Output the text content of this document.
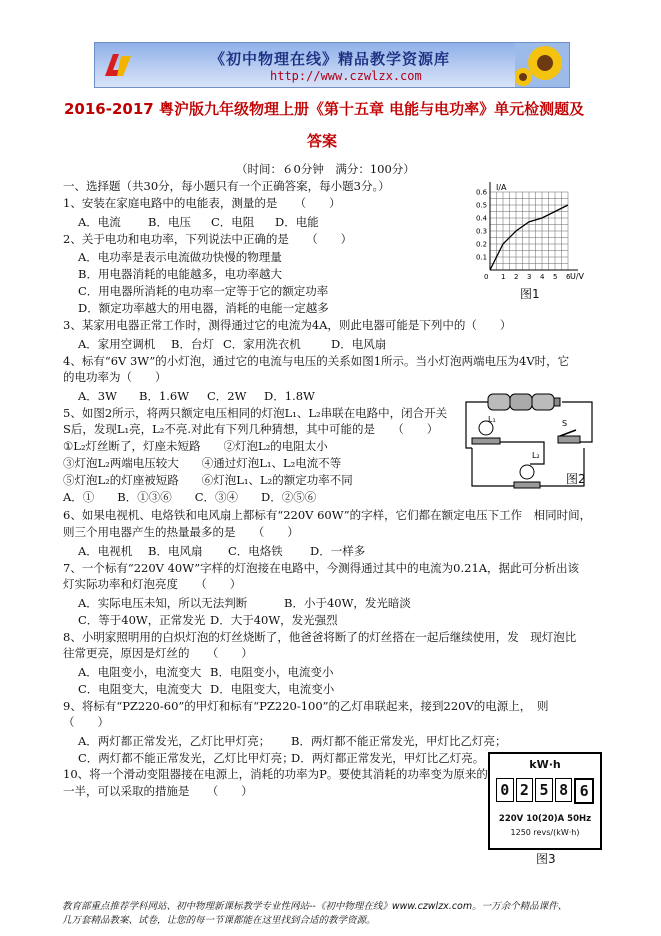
《初中物理在线》精品教学资源库
http://www.czwlzx.com
2016-2017 粤沪版九年级物理上册《第十五章 电能与电功率》单元检测题及
答案
（时间：６0分钟　满分：100分）
一、选择题（共30分，每小题只有一个正确答案，每小题3分。）
1、安装在家庭电路中的电能表，测量的是　　（　　）
A．电流 B．电压 C．电阻 D．电能
2、关于电功和电功率，下列说法中正确的是　　（　　）
A．电功率是表示电流做功快慢的物理量
B．用电器消耗的电能越多，电功率越大
C．用电器所消耗的电功率一定等于它的额定功率
D．额定功率越大的用电器，消耗的电能一定越多
1 2 3 4 5 6
0.1
0.2
0.3
0.4
0.5
0.6
0
I/A
U/V
图1
3、某家用电器正常工作时，测得通过它的电流为4A，则此电器可能是下列中的（　　）
A．家用空调机 B．台灯 C．家用洗衣机	D．电风扇
4、标有“6V 3W”的小灯泡，通过它的电流与电压的关系如图1所示。当小灯泡两端电压为4V时，它
的电功率为（　　）
A．3W B．1.6W C．2W D．1.8W
5、如图2所示，将两只额定电压相同的灯泡L₁、L₂串联在电路中，闭合开关
S后，发现L₁亮，L₂不亮.对此有下列几种猜想，其中可能的是　　（　　）
①L₂灯丝断了，灯座未短路　　②灯泡L₂的电阻太小
③灯泡L₂两端电压较大　　④通过灯泡L₁、L₂电流不等
⑤灯泡L₂的灯座被短路　　⑥灯泡L₁、L₂的额定功率不同
A．①　　B．①③⑥　　C．③④　　D．②⑤⑥
L₁	S
L₂
图2
6、如果电视机、电烙铁和电风扇上都标有“220V 60W”的字样，它们都在额定电压下工作　相同时间，
则三个用电器产生的热量最多的是　　（　　）
A．电视机 B．电风扇 C．电烙铁 D．一样多
7、一个标有“220V 40W”字样的灯泡接在电路中，今测得通过其中的电流为0.21A，据此可分析出该
灯实际功率和灯泡亮度　　（　　）
A．实际电压未知，所以无法判断	B．小于40W，发光暗淡
C．等于40W，正常发光 D．大于40W，发光强烈
8、小明家照明用的白炽灯泡的灯丝烧断了，他爸爸将断了的灯丝搭在一起后继续使用，发　现灯泡比
往常更亮，原因是灯丝的　　（　　）
A．电阻变小，电流变大 B．电阻变小，电流变小
C．电阻变大，电流变大 D．电阻变大，电流变小
9、将标有“PZ220-60”的甲灯和标有“PZ220-100”的乙灯串联起来，接到220V的电源上，　则
（　　）
A．两灯都正常发光，乙灯比甲灯亮； B．两灯都不能正常发光，甲灯比乙灯亮；
C．两灯都不能正常发光，乙灯比甲灯亮；
D．两灯都正常发光，甲灯比乙灯亮。
10、将一个滑动变阻器接在电源上，消耗的功率为P。要使其消耗的功率变为原来的
一半，可以采取的措施是　　（　　）
kW·h
0 2 5 8 6
220V 10(20)A 50Hz
1250 revs/(kW·h)
图3
教育部重点推荐学科网站、初中物理新课标教学专业性网站--《初中物理在线》www.czwlzx.com。一万余个精品课件、
几万套精品教案、试卷，让您的每一节课都能在这里找到合适的教学资源。
